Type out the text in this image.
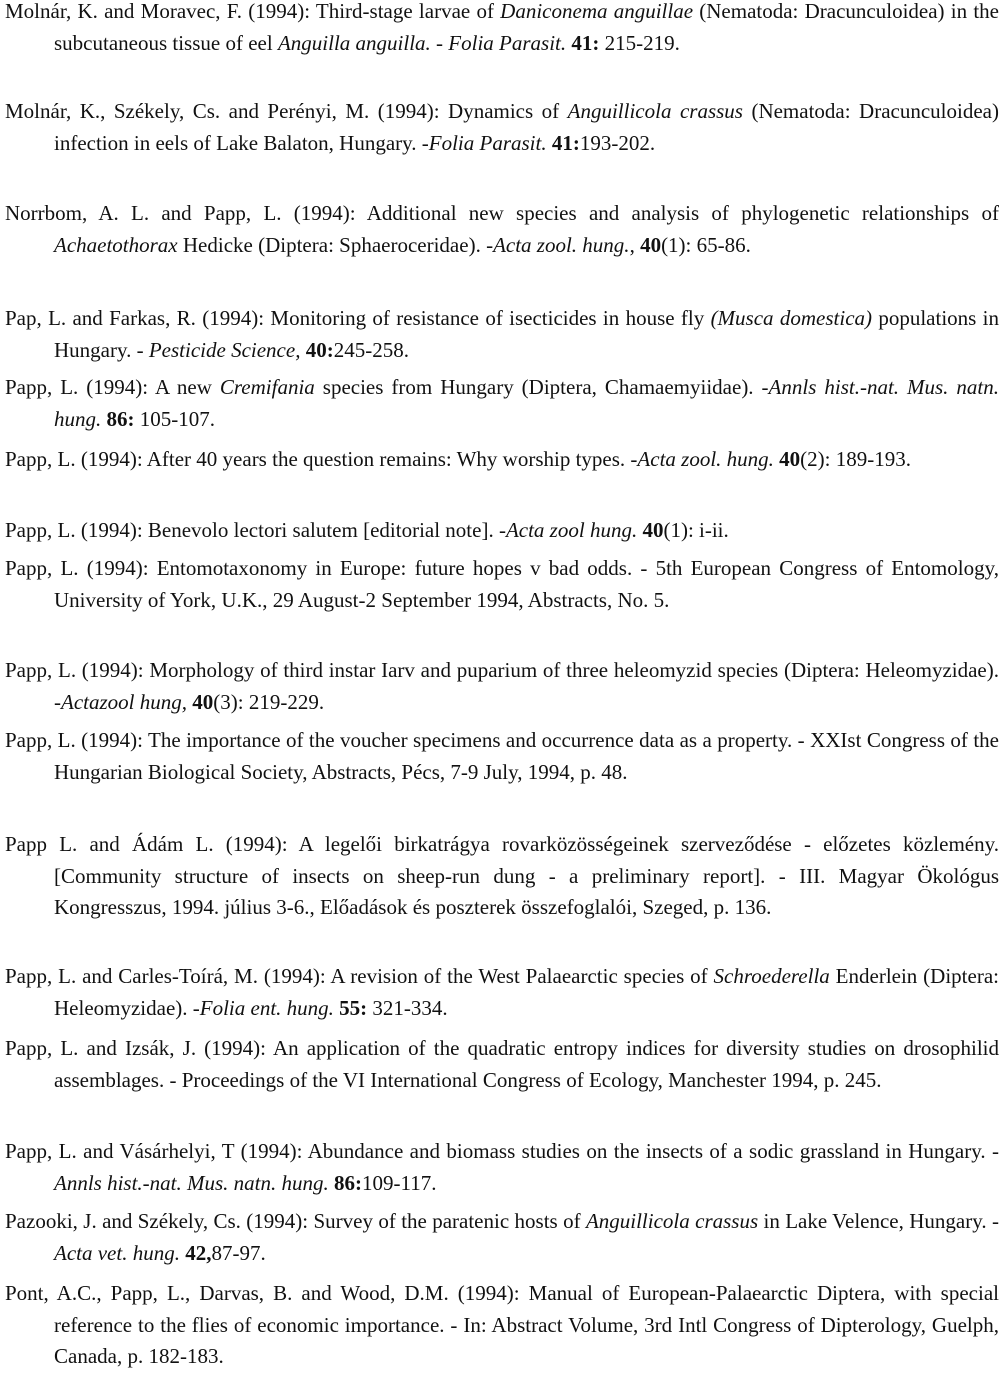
Molnár, K. and Moravec, F. (1994): Third-stage larvae of Daniconema anguillae (Nematoda: Dracunculoidea) in the subcutaneous tissue of eel Anguilla anguilla. - Folia Parasit. 41: 215-219.

Molnár, K., Székely, Cs. and Perényi, M. (1994): Dynamics of Anguillicola crassus (Nematoda: Dracunculoidea) infection in eels of Lake Balaton, Hungary. -Folia Parasit. 41:193-202.

Norrbom, A. L. and Papp, L. (1994): Additional new species and analysis of phylogenetic relationships of Achaetothorax Hedicke (Diptera: Sphaeroceridae). -Acta zool. hung., 40(1): 65-86.

Pap, L. and Farkas, R. (1994): Monitoring of resistance of isecticides in house fly (Musca domestica) populations in Hungary. - Pesticide Science, 40:245-258.

Papp, L. (1994): A new Cremifania species from Hungary (Diptera, Chamaemyiidae). -Annls hist.-nat. Mus. natn. hung. 86: 105-107.

Papp, L. (1994): After 40 years the question remains: Why worship types. -Acta zool. hung. 40(2): 189-193.

Papp, L. (1994): Benevolo lectori salutem [editorial note]. -Acta zool hung. 40(1): i-ii.

Papp, L. (1994): Entomotaxonomy in Europe: future hopes v bad odds. - 5th European Congress of Entomology, University of York, U.K., 29 August-2 September 1994, Abstracts, No. 5.

Papp, L. (1994): Morphology of third instar Iarv and puparium of three heleomyzid species (Diptera: Heleomyzidae). -Actazool hung, 40(3): 219-229.

Papp, L. (1994): The importance of the voucher specimens and occurrence data as a property. - XXIst Congress of the Hungarian Biological Society, Abstracts, Pécs, 7-9 July, 1994, p. 48.

Papp L. and Ádám L. (1994): A legelői birkatrágya rovarközösségeinek szerveződése - előzetes közlemény. [Community structure of insects on sheep-run dung - a preliminary report]. - III. Magyar Ökológus Kongresszus, 1994. július 3-6., Előadások és poszterek összefoglalói, Szeged, p. 136.

Papp, L. and Carles-Toírá, M. (1994): A revision of the West Palaearctic species of Schroederella Enderlein (Diptera: Heleomyzidae). -Folia ent. hung. 55: 321-334.

Papp, L. and Izsák, J. (1994): An application of the quadratic entropy indices for diversity studies on drosophilid assemblages. - Proceedings of the VI International Congress of Ecology, Manchester 1994, p. 245.

Papp, L. and Vásárhelyi, T (1994): Abundance and biomass studies on the insects of a sodic grassland in Hungary. -Annls hist.-nat. Mus. natn. hung. 86:109-117.

Pazooki, J. and Székely, Cs. (1994): Survey of the paratenic hosts of Anguillicola crassus in Lake Velence, Hungary. -Acta vet. hung. 42,87-97.

Pont, A.C., Papp, L., Darvas, B. and Wood, D.M. (1994): Manual of European-Palaearctic Diptera, with special reference to the flies of economic importance. - In: Abstract Volume, 3rd Intl Congress of Dipterology, Guelph, Canada, p. 182-183.
